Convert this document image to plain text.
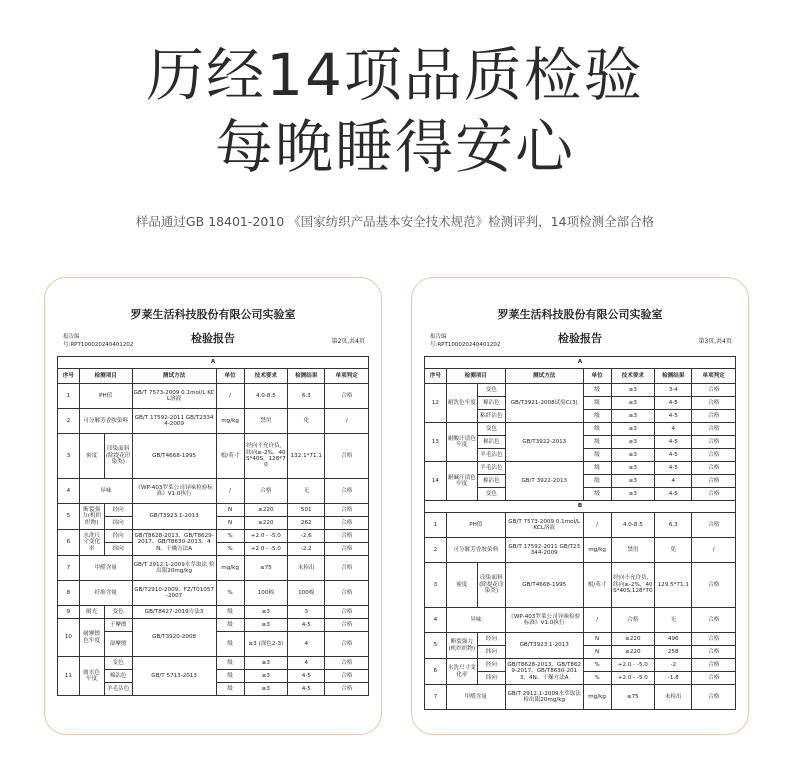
历经14项品质检验
每晚睡得安心
样品通过GB 18401-2010 《国家纺织产品基本安全技术规范》检测评判，14项检测全部合格
罗莱生活科技股份有限公司实验室
报告编
号:RPT100020240401202	检验报告	第2页,共4页
A							
序号	检测项目		测试方法	单位	技术要求	检测结果	单项判定
1	PH值		GB/T 7573-2009 0.1mol/L KCL溶液	/	4.0-8.5	6.3	合格
2	可分解芳香胺染料		GB/T 17592-2011 GB/T23344-2009	mg/kg	禁用	免	/
3	密度	印染面料(除提花印染类)	GB/T4668-1995	根/英寸	经向不允许负，纬向≥-2%，40S*40S，128*70	132.1*71.1	合格
4	异味		《WP-403罗莱公司异味检验标准》V1.0执行	/	合格	无	合格
5	断裂强力(机织织物)	经向	GB/T3923.1-2013	N	≥220	501	合格
		纬向		N	≥220	262	合格
6	水洗尺寸变化率	经向	GB/T8628-2013、GB/T8629-2017、GB/T8630-2013、4N、干燥方法A	%	+2.0 - -5.0	-2.6	合格
		纬向		%	+2.0 - -5.0	-2.2	合格
7	甲醛含量		GB/T 2912.1-2009水萃取法 检出限20mg/kg	mg/kg	≤75	未检出	合格
8	纤维含量		GB/T2910-2009、FZ/T01057-2007	%	100棉	100棉	合格
9	耐光	变色	GB/T8427-2019方法3	级	≥3	3	合格
10	耐摩擦色牢度	干摩擦	GB/T3920-2008	级	≥3	4-5	合格
		湿摩擦		级	≥3 (深色2-3)	4	合格
11	耐水色牢度	变色	GB/T 5713-2013	级	≥3	4	合格
		棉沾色		级	≥3	4-5	合格
		羊毛沾色		级	≥3	4-5	合格
罗莱生活科技股份有限公司实验室
报告编
号:RPT100020240401202	检验报告	第3页,共4页
A							
序号	检测项目		测试方法	单位	技术要求	检测结果	单项判定
12	耐洗色牢度	变色	GB/T3921-2008试验C(3)	级	≥3	3-4	合格
		棉沾色		级	≥3	4-5	合格
		粘纤沾色		级	≥3	4-5	合格
13	耐酸汗渍色牢度	变色	GB/T3922-2013	级	≥3	4	合格
		棉沾色		级	≥3	4-5	合格
		羊毛沾色		级	≥3	4-5	合格
14	耐碱汗渍色牢度	羊毛沾色	GB/T 3922-2013	级	≥3	4-5	合格
		棉沾色		级	≥3	4	合格
		变色		级	≥3	4-5	合格
B							
1	PH值		GB/T 7573-2009 0.1mol/L KCL溶液	/	4.0-8.5	6.3	合格
2	可分解芳香胺染料		GB/T 17592-2011 GB/T23344-2009	mg/kg	禁用	免	/
3	密度	印染面料(除提花印染类)	GB/T4668-1995	根/英寸	经向不允许负，纬向≥-2%，40S*40S,128*70	129.5*71.1	合格
4	异味		《WP-403罗莱公司异味检验标准》V1.0执行	/	合格	无	合格
5	断裂强力(机织织物)	经向	GB/T3923.1-2013	N	≥220	496	合格
		纬向		N	≥220	258	合格
6	水洗尺寸变化率	经向	GB/T8628-2013、GB/T8629-2017、GB/T8630-2013、4N、干燥方法A	%	+2.0 - -5.0	-2	合格
		纬向		%	+2.0 - -5.0	-1.8	合格
7	甲醛含量		GB/T 2912.1-2009水萃取法 检出限20mg/kg	mg/kg	≤75	未检出	合格
